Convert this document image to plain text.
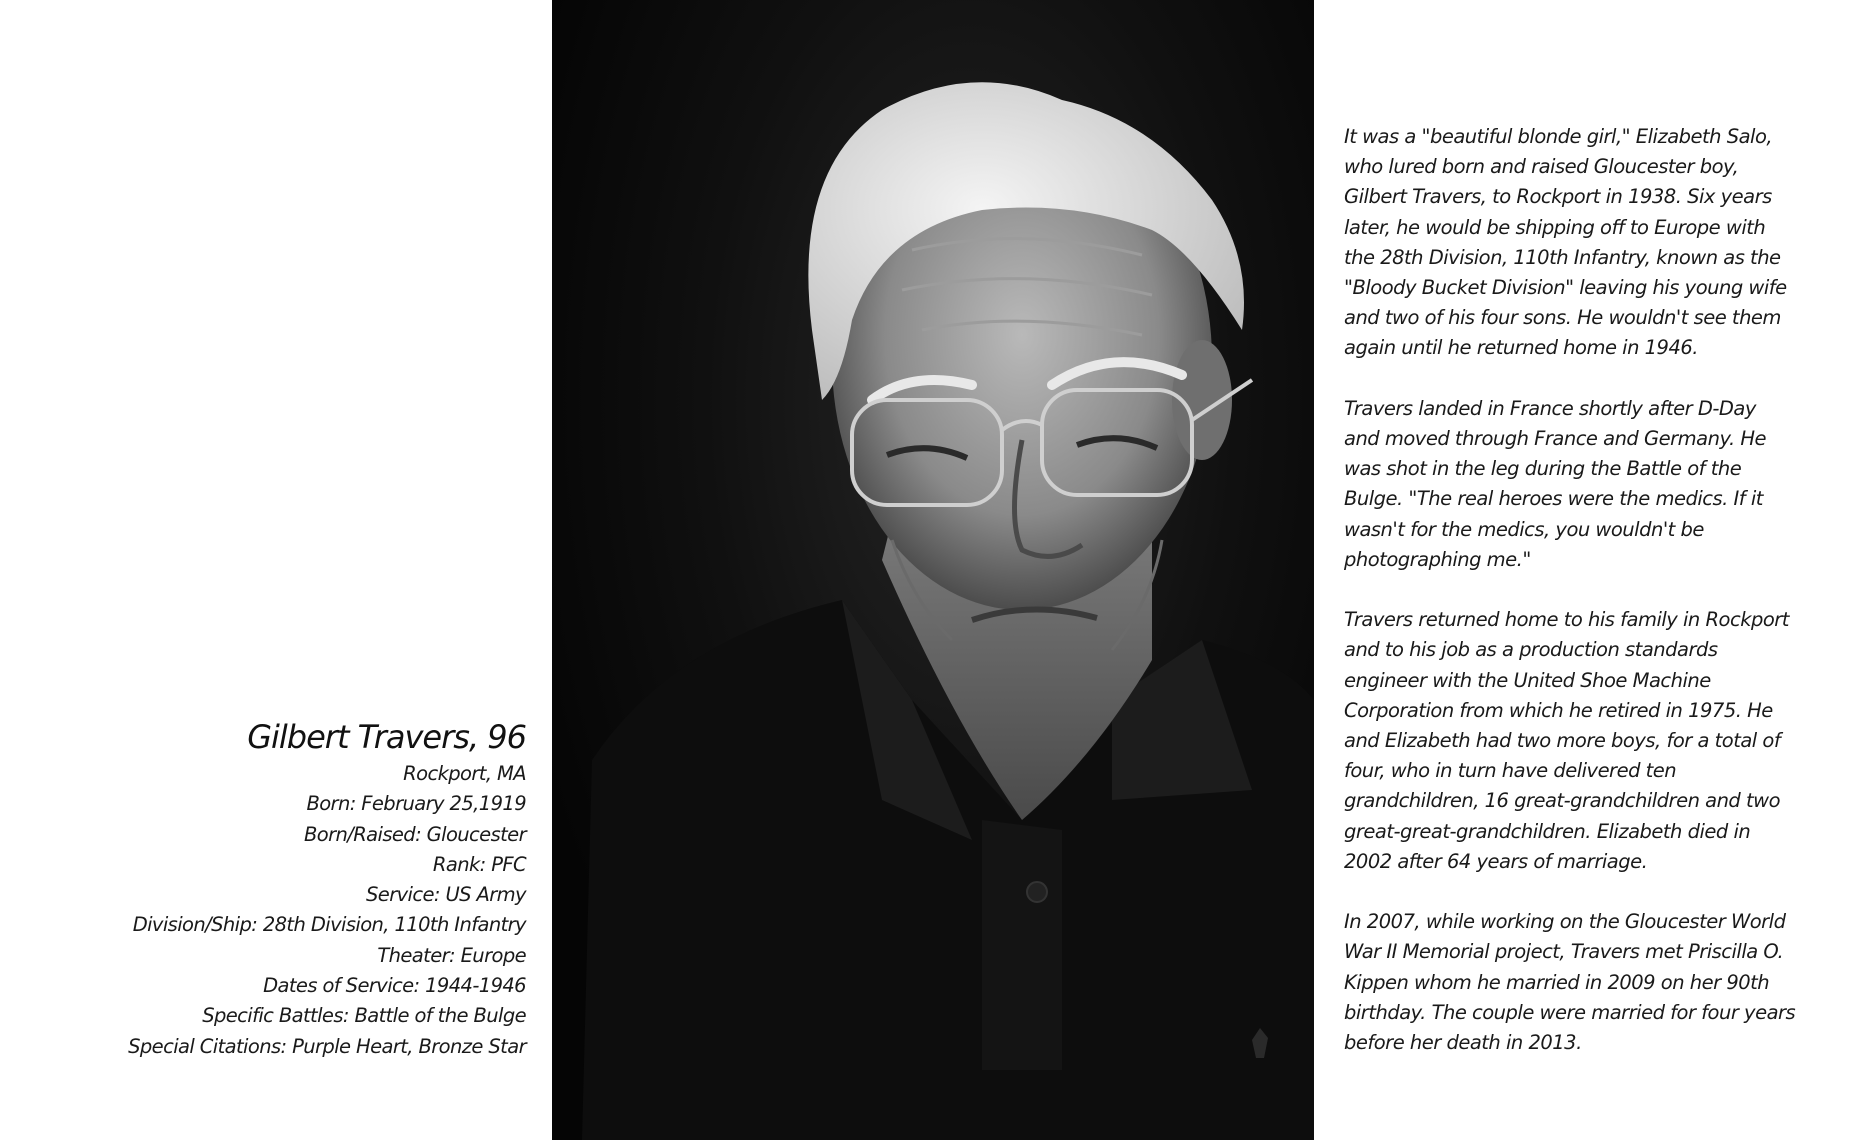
Gilbert Travers, 96
Rockport, MA
Born: February 25,1919
Born/Raised: Gloucester
Rank: PFC
Service: US Army
Division/Ship: 28th Division, 110th Infantry
Theater: Europe
Dates of Service: 1944-1946
Specific Battles: Battle of the Bulge
Special Citations: Purple Heart, Bronze Star

It was a "beautiful blonde girl," Elizabeth Salo,
who lured born and raised Gloucester boy,
Gilbert Travers, to Rockport in 1938. Six years
later, he would be shipping off to Europe with
the 28th Division, 110th Infantry, known as the
"Bloody Bucket Division" leaving his young wife
and two of his four sons. He wouldn't see them
again until he returned home in 1946.

Travers landed in France shortly after D-Day
and moved through France and Germany. He
was shot in the leg during the Battle of the
Bulge. "The real heroes were the medics. If it
wasn't for the medics, you wouldn't be
photographing me."

Travers returned home to his family in Rockport
and to his job as a production standards
engineer with the United Shoe Machine
Corporation from which he retired in 1975. He
and Elizabeth had two more boys, for a total of
four, who in turn have delivered ten
grandchildren, 16 great-grandchildren and two
great-great-grandchildren. Elizabeth died in
2002 after 64 years of marriage.

In 2007, while working on the Gloucester World
War II Memorial project, Travers met Priscilla O.
Kippen whom he married in 2009 on her 90th
birthday. The couple were married for four years
before her death in 2013.
